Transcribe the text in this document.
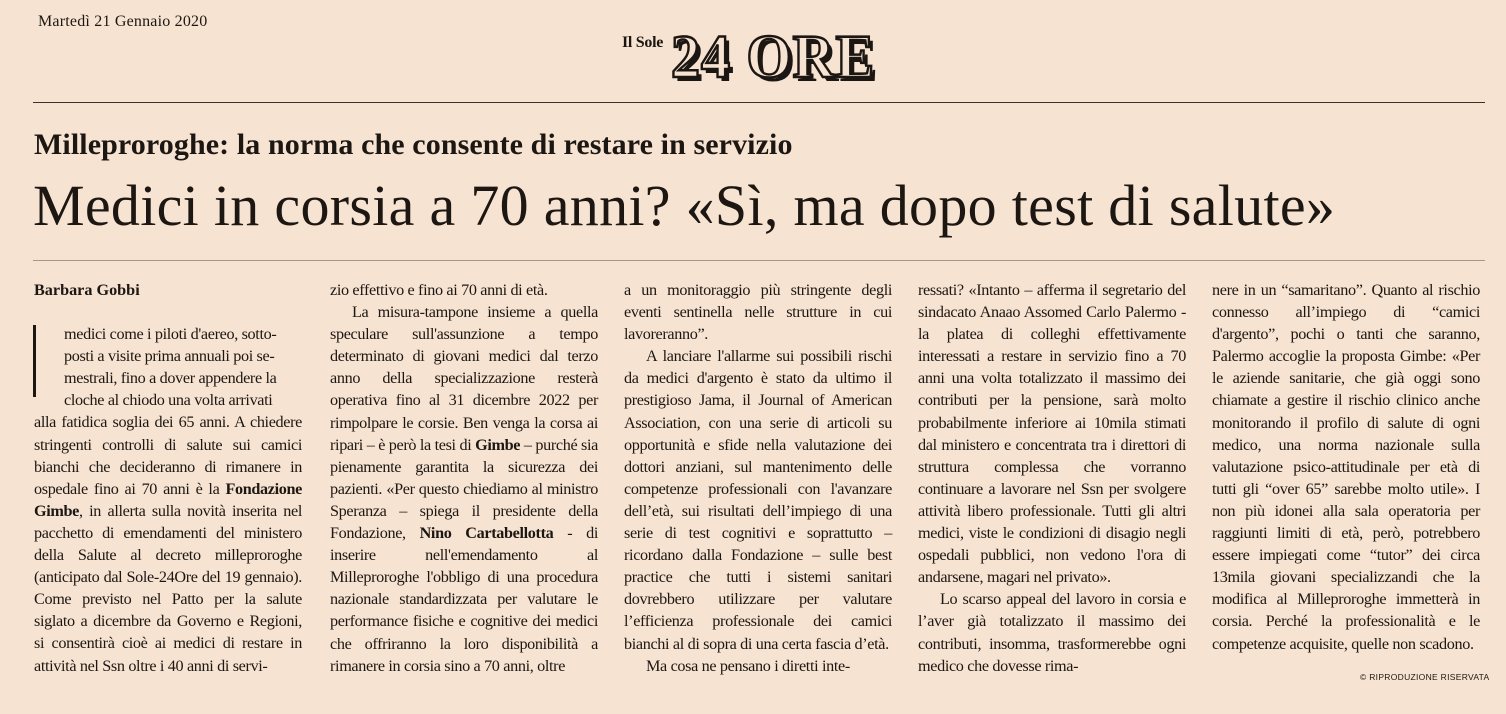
Martedì 21 Gennaio 2020
Il Sole 24 ORE
Milleproroghe: la norma che consente di restare in servizio
Medici in corsia a 70 anni? «Sì, ma dopo test di salute»

Barbara Gobbi

medici come i piloti d'aereo, sotto-

posti a visite prima annuali poi se-

mestrali, fino a dover appendere la

cloche al chiodo una volta arrivati

alla fatidica soglia dei 65 anni. A chiedere stringenti controlli di salute sui camici bianchi che decideranno di rimanere in ospedale fino ai 70 anni è la Fondazione Gimbe, in allerta sulla novità inserita nel pacchetto di emendamenti del ministero della Salute al decreto milleproroghe (anticipato dal Sole-24Ore del 19 gennaio). Come previsto nel Patto per la salute siglato a dicembre da Governo e Regioni, si consentirà cioè ai medici di restare in attività nel Ssn oltre i 40 anni di servi-

zio effettivo e fino ai 70 anni di età.

La misura-tampone insieme a quella speculare sull'assunzione a tempo determinato di giovani medici dal terzo anno della specializzazione resterà operativa fino al 31 dicembre 2022 per rimpolpare le corsie. Ben venga la corsa ai ripari – è però la tesi di Gimbe – purché sia pienamente garantita la sicurezza dei pazienti. «Per questo chiediamo al ministro Speranza – spiega il presidente della Fondazione, Nino Cartabellotta - di inserire nell'emendamento al Milleproroghe l'obbligo di una procedura nazionale standardizzata per valutare le performance fisiche e cognitive dei medici che offriranno la loro disponibilità a rimanere in corsia sino a 70 anni, oltre

a un monitoraggio più stringente degli eventi sentinella nelle strutture in cui lavoreranno”.

A lanciare l'allarme sui possibili rischi da medici d'argento è stato da ultimo il prestigioso Jama, il Journal of American Association, con una serie di articoli su opportunità e sfide nella valutazione dei dottori anziani, sul mantenimento delle competenze professionali con l'avanzare dell’età, sui risultati dell’impiego di una serie di test cognitivi e soprattutto – ricordano dalla Fondazione – sulle best practice che tutti i sistemi sanitari dovrebbero utilizzare per valutare l’efficienza professionale dei camici bianchi al di sopra di una certa fascia d’età.

Ma cosa ne pensano i diretti inte-

ressati? «Intanto – afferma il segretario del sindacato Anaao Assomed Carlo Palermo - la platea di colleghi effettivamente interessati a restare in servizio fino a 70 anni una volta totalizzato il massimo dei contributi per la pensione, sarà molto probabilmente inferiore ai 10mila stimati dal ministero e concentrata tra i direttori di struttura complessa che vorranno continuare a lavorare nel Ssn per svolgere attività libero professionale. Tutti gli altri medici, viste le condizioni di disagio negli ospedali pubblici, non vedono l'ora di andarsene, magari nel privato».

Lo scarso appeal del lavoro in corsia e l’aver già totalizzato il massimo dei contributi, insomma, trasformerebbe ogni medico che dovesse rima-

nere in un “samaritano”. Quanto al rischio connesso all’impiego di “camici d'argento”, pochi o tanti che saranno, Palermo accoglie la proposta Gimbe: «Per le aziende sanitarie, che già oggi sono chiamate a gestire il rischio clinico anche monitorando il profilo di salute di ogni medico, una norma nazionale sulla valutazione psico-attitudinale per età di tutti gli “over 65” sarebbe molto utile». I non più idonei alla sala operatoria per raggiunti limiti di età, però, potrebbero essere impiegati come “tutor” dei circa 13mila giovani specializzandi che la modifica al Milleproroghe immetterà in corsia. Perché la professionalità e le competenze acquisite, quelle non scadono.

© RIPRODUZIONE RISERVATA
